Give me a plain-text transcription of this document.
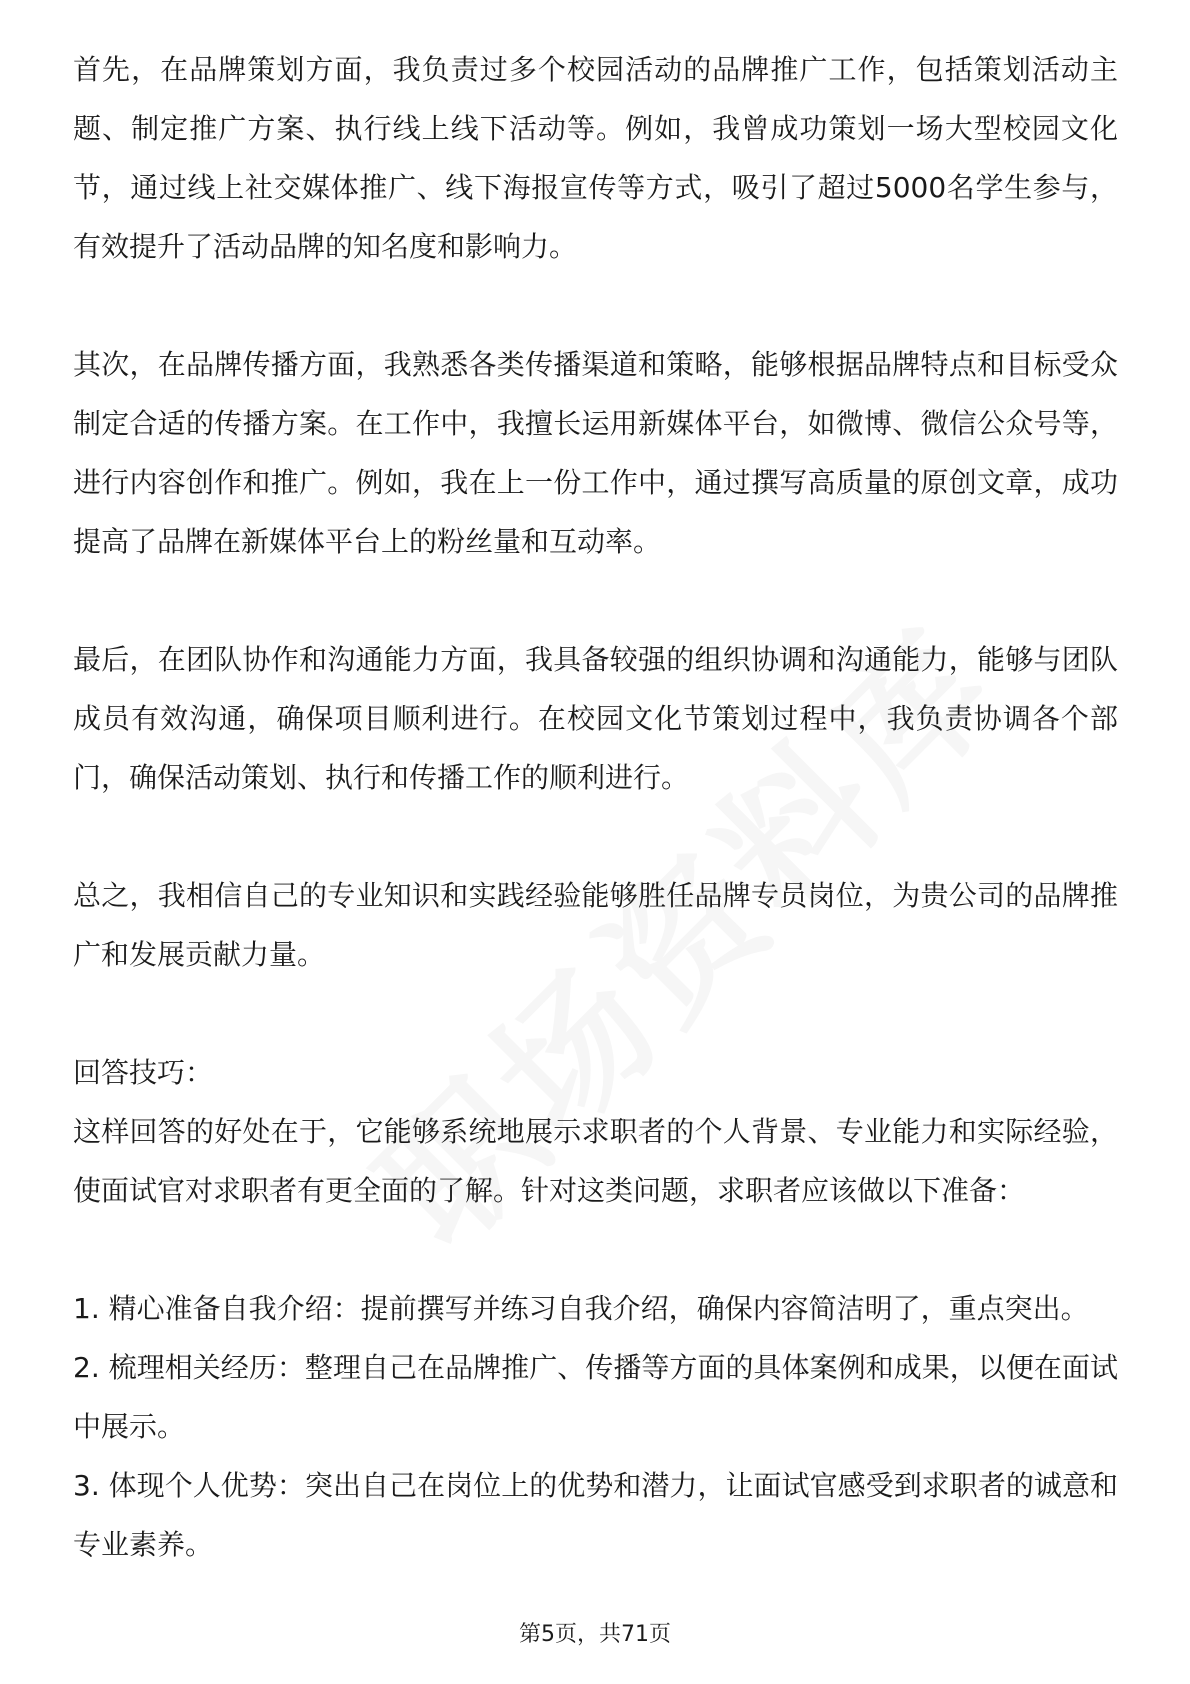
首先，在品牌策划方面，我负责过多个校园活动的品牌推广工作，包括策划活动主题、制定推广方案、执行线上线下活动等。例如，我曾成功策划一场大型校园文化节，通过线上社交媒体推广、线下海报宣传等方式，吸引了超过5000名学生参与，有效提升了活动品牌的知名度和影响力。

其次，在品牌传播方面，我熟悉各类传播渠道和策略，能够根据品牌特点和目标受众制定合适的传播方案。在工作中，我擅长运用新媒体平台，如微博、微信公众号等，进行内容创作和推广。例如，我在上一份工作中，通过撰写高质量的原创文章，成功提高了品牌在新媒体平台上的粉丝量和互动率。

最后，在团队协作和沟通能力方面，我具备较强的组织协调和沟通能力，能够与团队成员有效沟通，确保项目顺利进行。在校园文化节策划过程中，我负责协调各个部门，确保活动策划、执行和传播工作的顺利进行。

总之，我相信自己的专业知识和实践经验能够胜任品牌专员岗位，为贵公司的品牌推广和发展贡献力量。

回答技巧：

这样回答的好处在于，它能够系统地展示求职者的个人背景、专业能力和实际经验，使面试官对求职者有更全面的了解。针对这类问题，求职者应该做以下准备：

1. 精心准备自我介绍：提前撰写并练习自我介绍，确保内容简洁明了，重点突出。

2. 梳理相关经历：整理自己在品牌推广、传播等方面的具体案例和成果，以便在面试中展示。

3. 体现个人优势：突出自己在岗位上的优势和潜力，让面试官感受到求职者的诚意和专业素养。

第5页，共71页
